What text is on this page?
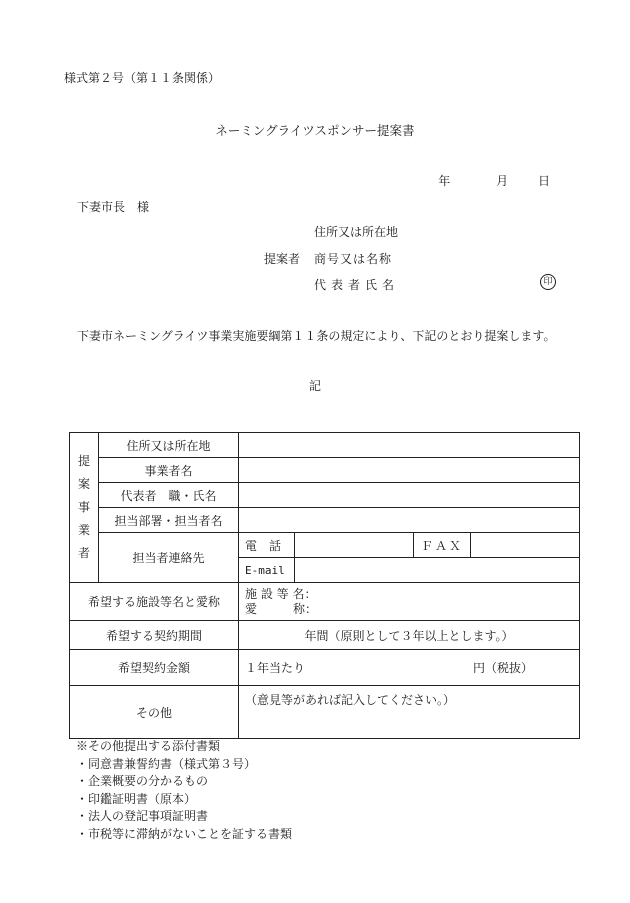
様式第２号（第１１条関係）
ネーミングライツスポンサー提案書
年	月 日
下妻市長　様
住所又は所在地
提案者 商号又は名称
代表者氏名	印
下妻市ネーミングライツ事業実施要綱第１１条の規定により、下記のとおり提案します。
記
提
案
事
業
者	住所又は所在地				
	事業者名				
	代表者　職・氏名				
	担当部署・担当者名				
	担当者連絡先	電　話		ＦＡＸ	
		E-mail			
希望する施設等名と愛称		施 設 等 名：
愛　　　称：			

希望する契約期間		年間（原則として３年以上とします。）			
希望契約金額		１年当たり 円（税抜）			

その他		（意見等があれば記入してください。）			
※その他提出する添付書類
・同意書兼誓約書（様式第３号）
・企業概要の分かるもの
・印鑑証明書（原本）
・法人の登記事項証明書
・市税等に滞納がないことを証する書類
